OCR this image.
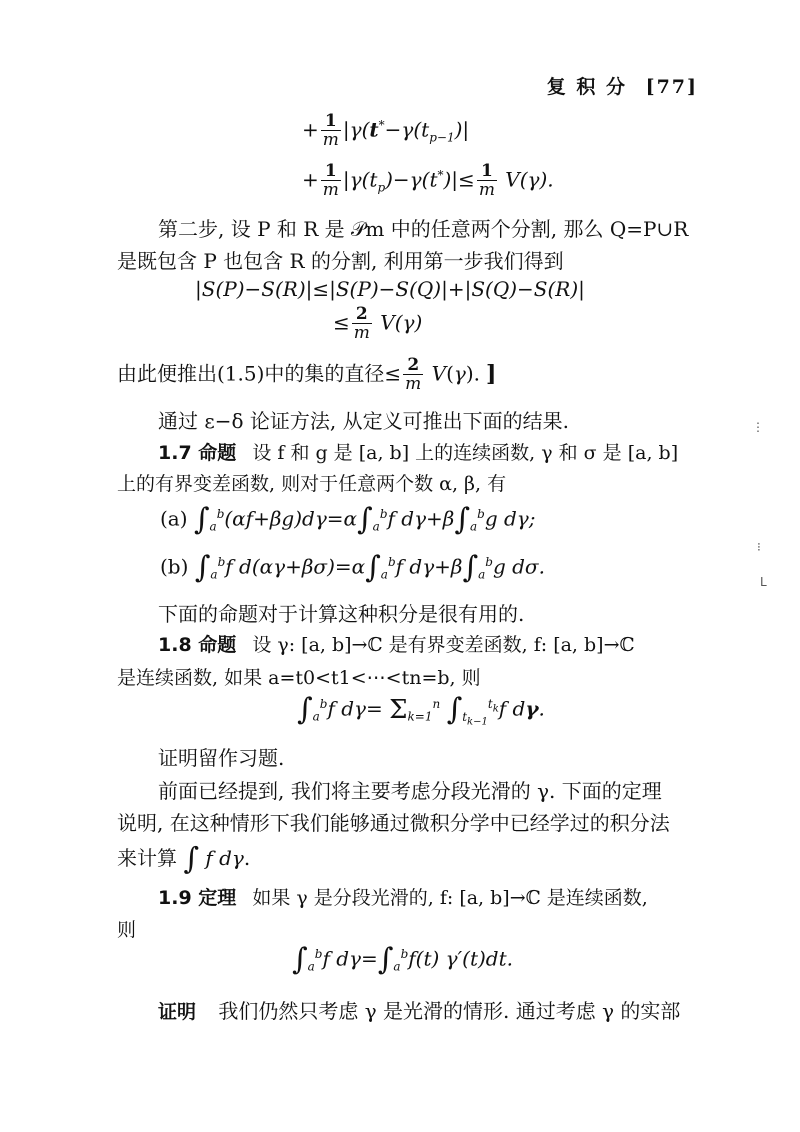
复 积 分 [77]
+ $\frac{1}{m} |\gamma(t^*-\gamma(t_{p-1})|$
+ $\frac{1}{m} |\gamma(t_p)-\gamma(t^*)|\le \frac{1}{m} V(\gamma)$.
第二步, 设 P 和 R 是 𝒫m 中的任意两个分割, 那么 Q=P∪R
是既包含 P 也包含 R 的分割, 利用第一步我们得到
|S(P)−S(R)|≤|S(P)−S(Q)|+|S(Q)−S(R)|
≤ $\frac{2}{m} V(\gamma)$
由此便推出(1.5)中的集的直径≤ $\frac{2}{m} V(\gamma)$. ]
通过 ε−δ 论证方法, 从定义可推出下面的结果.
1.7 命题 设 f 和 g 是 [a, b] 上的连续函数, γ 和 σ 是 [a, b]
上的有界变差函数, 则对于任意两个数 α, β, 有
(a) $\int_a^b(\alpha f+\beta g)d\gamma=\alpha\int_a^bf$ $d\gamma+\beta\int_a^bg$ dγ;
(b) $\int_a^bf$ $d(\alpha\gamma+\beta\sigma)=\alpha\int_a^bf$ $d\gamma+\beta\int_a^bg$ dσ.
下面的命题对于计算这种积分是很有用的.
1.8 命题 设 γ: [a, b]→ℂ 是有界变差函数, f: [a, b]→ℂ
是连续函数, 如果 a=t0<t1<⋯<tn=b, 则
$\int_a^bf$ $d\gamma= \Sigma_{k=1}^n$ $\int_{t_{k-1}}^{t_k}f$ dγ.
证明留作习题.
前面已经提到, 我们将主要考虑分段光滑的 γ. 下面的定理
说明, 在这种情形下我们能够通过微积分学中已经学过的积分法
来计算 ∫ f dγ.
1.9 定理 如果 γ 是分段光滑的, f: [a, b]→ℂ 是连续函数,
则
$\int_a^bf$ $d\gamma=\int_a^bf(t)$ γ′(t)dt.
证明 我们仍然只考虑 γ 是光滑的情形. 通过考虑 γ 的实部
⋮
⁝
ᒪ
